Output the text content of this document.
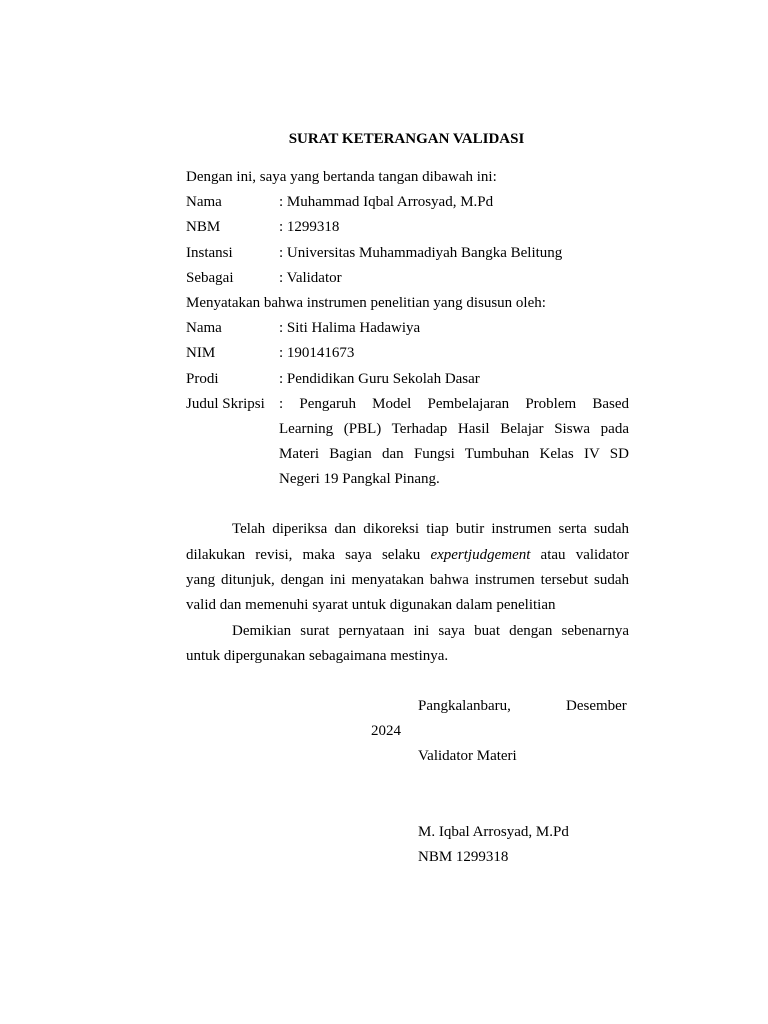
SURAT KETERANGAN VALIDASI
Dengan ini, saya yang bertanda tangan dibawah ini:
Nama	: Muhammad Iqbal Arrosyad, M.Pd
NBM	: 1299318
Instansi	: Universitas Muhammadiyah Bangka Belitung
Sebagai	: Validator
Menyatakan bahwa instrumen penelitian yang disusun oleh:
Nama	: Siti Halima Hadawiya
NIM	: 190141673
Prodi	: Pendidikan Guru Sekolah Dasar
Judul Skripsi : Pengaruh Model Pembelajaran Problem Based
Learning (PBL) Terhadap Hasil Belajar Siswa pada
Materi Bagian dan Fungsi Tumbuhan Kelas IV SD
Negeri 19 Pangkal Pinang.
Telah diperiksa dan dikoreksi tiap butir instrumen serta sudah
dilakukan revisi, maka saya selaku expertjudgement atau validator
yang ditunjuk, dengan ini menyatakan bahwa instrumen tersebut sudah
valid dan memenuhi syarat untuk digunakan dalam penelitian
Demikian surat pernyataan ini saya buat dengan sebenarnya
untuk dipergunakan sebagaimana mestinya.
Pangkalanbaru,	Desember
2024
Validator Materi
M. Iqbal Arrosyad, M.Pd
NBM 1299318
